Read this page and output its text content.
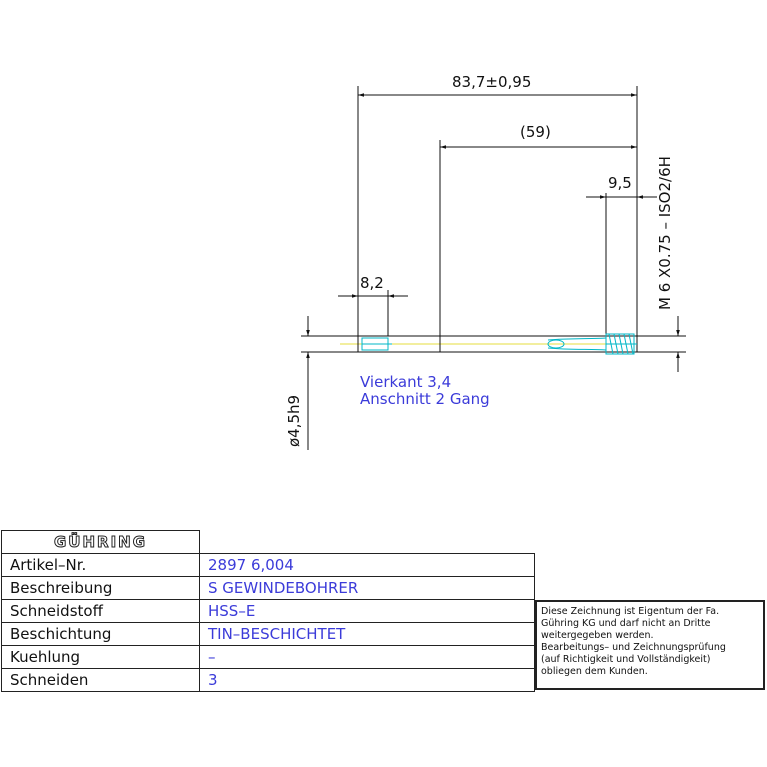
83,7±0,95
(59)
9,5
8,2
ø4,5h9
M 6 X0.75 – ISO2/6H
Vierkant 3,4
Anschnitt 2 Gang
GÜHRING	
Artikel–Nr.	2897 6,004
Beschreibung	S GEWINDEBOHRER
Schneidstoff	HSS–E
Beschichtung	TIN–BESCHICHTET
Kuehlung	–
Schneiden	3
Diese Zeichnung ist Eigentum der Fa.
Gühring KG und darf nicht an Dritte
weitergegeben werden.
Bearbeitungs– und Zeichnungsprüfung
(auf Richtigkeit und Vollständigkeit)
obliegen dem Kunden.
